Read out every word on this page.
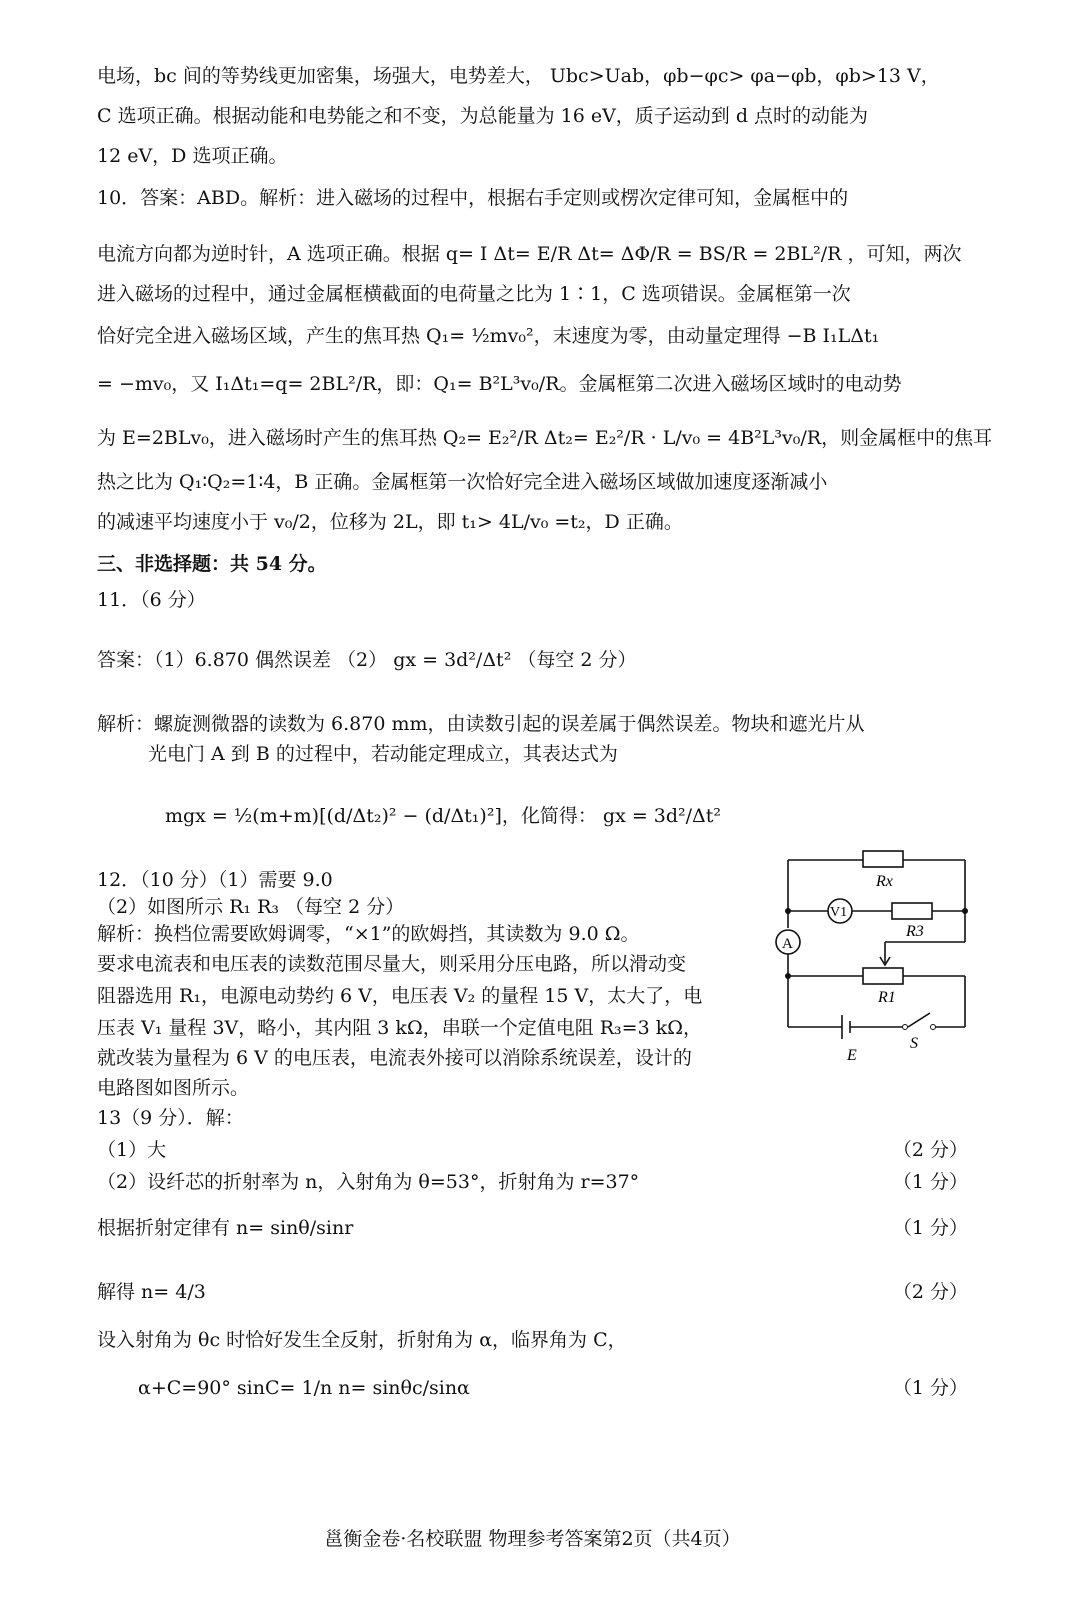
电场，bc 间的等势线更加密集，场强大，电势差大， Ubc>Uab，φb−φc> φa−φb，φb>13 V，
C 选项正确。根据动能和电势能之和不变，为总能量为 16 eV，质子运动到 d 点时的动能为
12 eV，D 选项正确。
10．答案：ABD。解析：进入磁场的过程中，根据右手定则或楞次定律可知，金属框中的
电流方向都为逆时针，A 选项正确。根据 q= I Δt= E/R Δt= ΔΦ/R = BS/R = 2BL²/R ，可知，两次
进入磁场的过程中，通过金属框横截面的电荷量之比为 1∶1，C 选项错误。金属框第一次
恰好完全进入磁场区域，产生的焦耳热 Q₁= ½mv₀²，末速度为零，由动量定理得 −B I₁LΔt₁
= −mv₀，又 I₁Δt₁=q= 2BL²/R，即：Q₁= B²L³v₀/R。金属框第二次进入磁场区域时的电动势
为 E=2BLv₀，进入磁场时产生的焦耳热 Q₂= E₂²/R Δt₂= E₂²/R · L/v₀ = 4B²L³v₀/R，则金属框中的焦耳
热之比为 Q₁∶Q₂=1∶4，B 正确。金属框第一次恰好完全进入磁场区域做加速度逐渐减小
的减速平均速度小于 v₀/2，位移为 2L，即 t₁> 4L/v₀ =t₂，D 正确。
三、非选择题：共 54 分。
11．（6 分）
答案：（1）6.870 偶然误差 （2） gx = 3d²/Δt² （每空 2 分）
解析：螺旋测微器的读数为 6.870 mm，由读数引起的误差属于偶然误差。物块和遮光片从
光电门 A 到 B 的过程中，若动能定理成立，其表达式为
mgx = ½(m+m)[(d/Δt₂)² − (d/Δt₁)²]，化简得： gx = 3d²/Δt²
12．（10 分）（1）需要 9.0
（2）如图所示 R₁ R₃ （每空 2 分）
解析：换档位需要欧姆调零，“×1”的欧姆挡，其读数为 9.0 Ω。
要求电流表和电压表的读数范围尽量大，则采用分压电路，所以滑动变
阻器选用 R₁，电源电动势约 6 V，电压表 V₂ 的量程 15 V，太大了，电
压表 V₁ 量程 3V，略小，其内阻 3 kΩ，串联一个定值电阻 R₃=3 kΩ，
就改装为量程为 6 V 的电压表，电流表外接可以消除系统误差，设计的
电路图如图所示。
Rx
V1
R3
A
R1
E
S
13（9 分）．解：
（1）大	（2 分）
（2）设纤芯的折射率为 n，入射角为 θ=53°，折射角为 r=37°	（1 分）
根据折射定律有 n= sinθ/sinr	（1 分）
解得 n= 4/3	（2 分）
设入射角为 θc 时恰好发生全反射，折射角为 α，临界角为 C，
α+C=90° sinC= 1/n n= sinθc/sinα	（1 分）
邕衡金卷·名校联盟 物理参考答案第2页（共4页）
